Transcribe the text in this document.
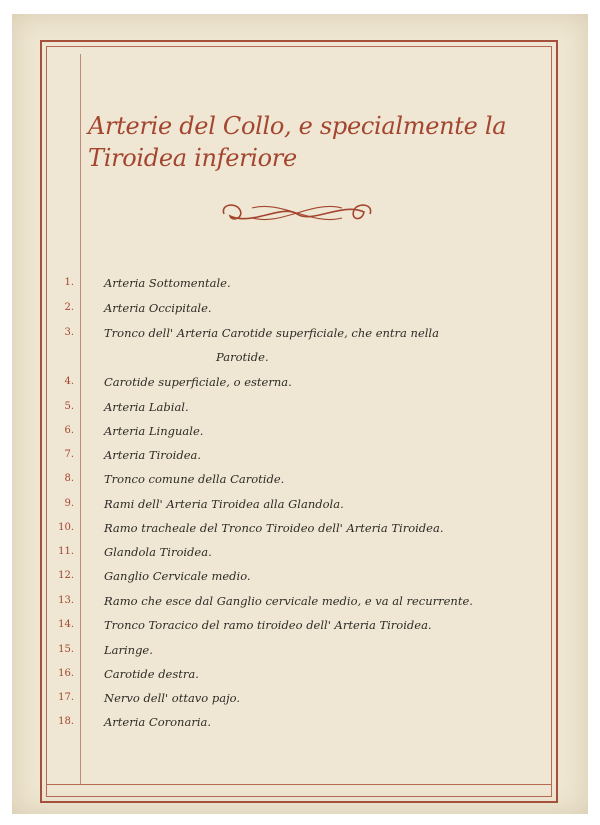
Arterie del Collo, e specialmente la Tiroidea inferiore
1.	Arteria Sottomentale.
2.	Arteria Occipitale.
3.	Tronco dell' Arteria Carotide superficiale, che entra nella
Parotide.
4.	Carotide superficiale, o esterna.
5.	Arteria Labial.
6.	Arteria Linguale.
7.	Arteria Tiroidea.
8.	Tronco comune della Carotide.
9.	Rami dell' Arteria Tiroidea alla Glandola.
10.	Ramo tracheale del Tronco Tiroideo dell' Arteria Tiroidea.
11.	Glandola Tiroidea.
12.	Ganglio Cervicale medio.
13.	Ramo che esce dal Ganglio cervicale medio, e va al recurrente.
14.	Tronco Toracico del ramo tiroideo dell' Arteria Tiroidea.
15.	Laringe.
16.	Carotide destra.
17.	Nervo dell' ottavo pajo.
18.	Arteria Coronaria.
